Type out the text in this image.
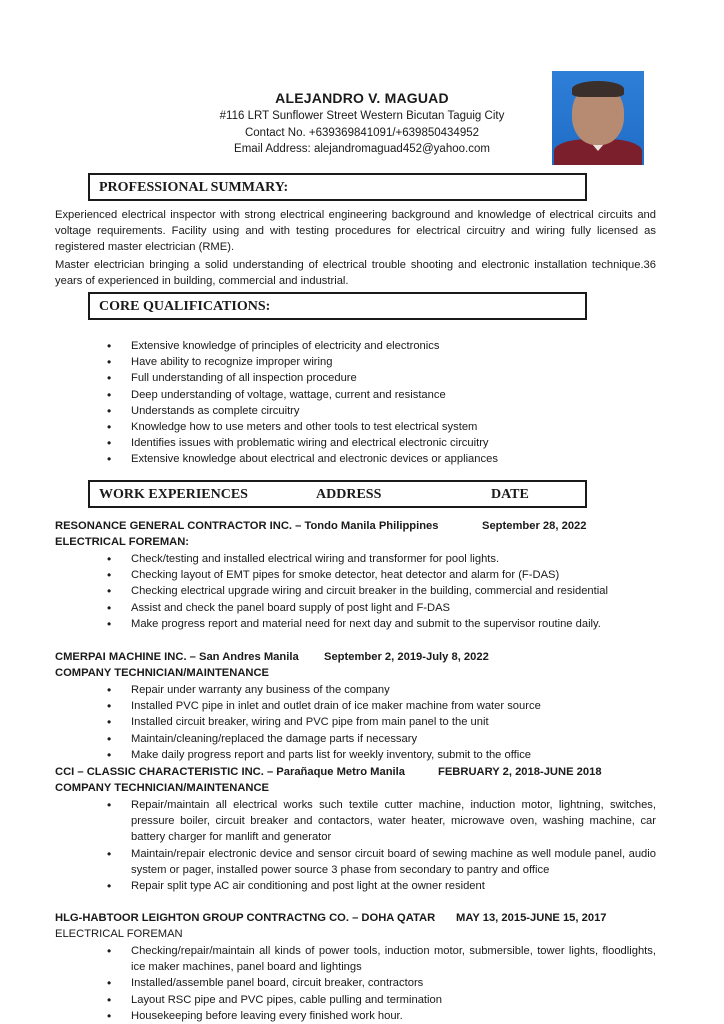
ALEJANDRO V. MAGUAD
#116 LRT Sunflower Street Western Bicutan Taguig City
Contact No. +639369841091/+639850434952
Email Address: alejandromaguad452@yahoo.com
PROFESSIONAL SUMMARY:

Experienced electrical inspector with strong electrical engineering background and knowledge of electrical circuits and voltage requirements. Facility using and with testing procedures for electrical circuitry and wiring fully licensed as registered master electrician (RME).

Master electrician bringing a solid understanding of electrical trouble shooting and electronic installation technique.36 years of experienced in building, commercial and industrial.

CORE QUALIFICATIONS:
• Extensive knowledge of principles of electricity and electronics
• Have ability to recognize improper wiring
• Full understanding of all inspection procedure
• Deep understanding of voltage, wattage, current and resistance
• Understands as complete circuitry
• Knowledge how to use meters and other tools to test electrical system
• Identifies issues with problematic wiring and electrical electronic circuitry
• Extensive knowledge about electrical and electronic devices or appliances
WORK EXPERIENCES	ADDRESS	DATE
RESONANCE GENERAL CONTRACTOR INC. – Tondo Manila Philippines	September 28, 2022
ELECTRICAL FOREMAN:
• Check/testing and installed electrical wiring and transformer for pool lights.
• Checking layout of EMT pipes for smoke detector, heat detector and alarm for (F-DAS)
• Checking electrical upgrade wiring and circuit breaker in the building, commercial and residential
• Assist and check the panel board supply of post light and F-DAS
• Make progress report and material need for next day and submit to the supervisor routine daily.
CMERPAI MACHINE INC. – San Andres Manila September 2, 2019-July 8, 2022
COMPANY TECHNICIAN/MAINTENANCE
• Repair under warranty any business of the company
• Installed PVC pipe in inlet and outlet drain of ice maker machine from water source
• Installed circuit breaker, wiring and PVC pipe from main panel to the unit
• Maintain/cleaning/replaced the damage parts if necessary
• Make daily progress report and parts list for weekly inventory, submit to the office
CCI – CLASSIC CHARACTERISTIC INC. – Parañaque Metro Manila	FEBRUARY 2, 2018-JUNE 2018
COMPANY TECHNICIAN/MAINTENANCE
• Repair/maintain all electrical works such textile cutter machine, induction motor, lightning, switches, pressure boiler, circuit breaker and contactors, water heater, microwave oven, washing machine, car battery charger for manlift and generator
• Maintain/repair electronic device and sensor circuit board of sewing machine as well module panel, audio system or pager, installed power source 3 phase from secondary to pantry and office
• Repair split type AC air conditioning and post light at the owner resident
HLG-HABTOOR LEIGHTON GROUP CONTRACTNG CO. – DOHA QATAR MAY 13, 2015-JUNE 15, 2017
ELECTRICAL FOREMAN
• Checking/repair/maintain all kinds of power tools, induction motor, submersible, tower lights, floodlights, ice maker machines, panel board and lightings
• Installed/assemble panel board, circuit breaker, contractors
• Layout RSC pipe and PVC pipes, cable pulling and termination
• Housekeeping before leaving every finished work hour.
